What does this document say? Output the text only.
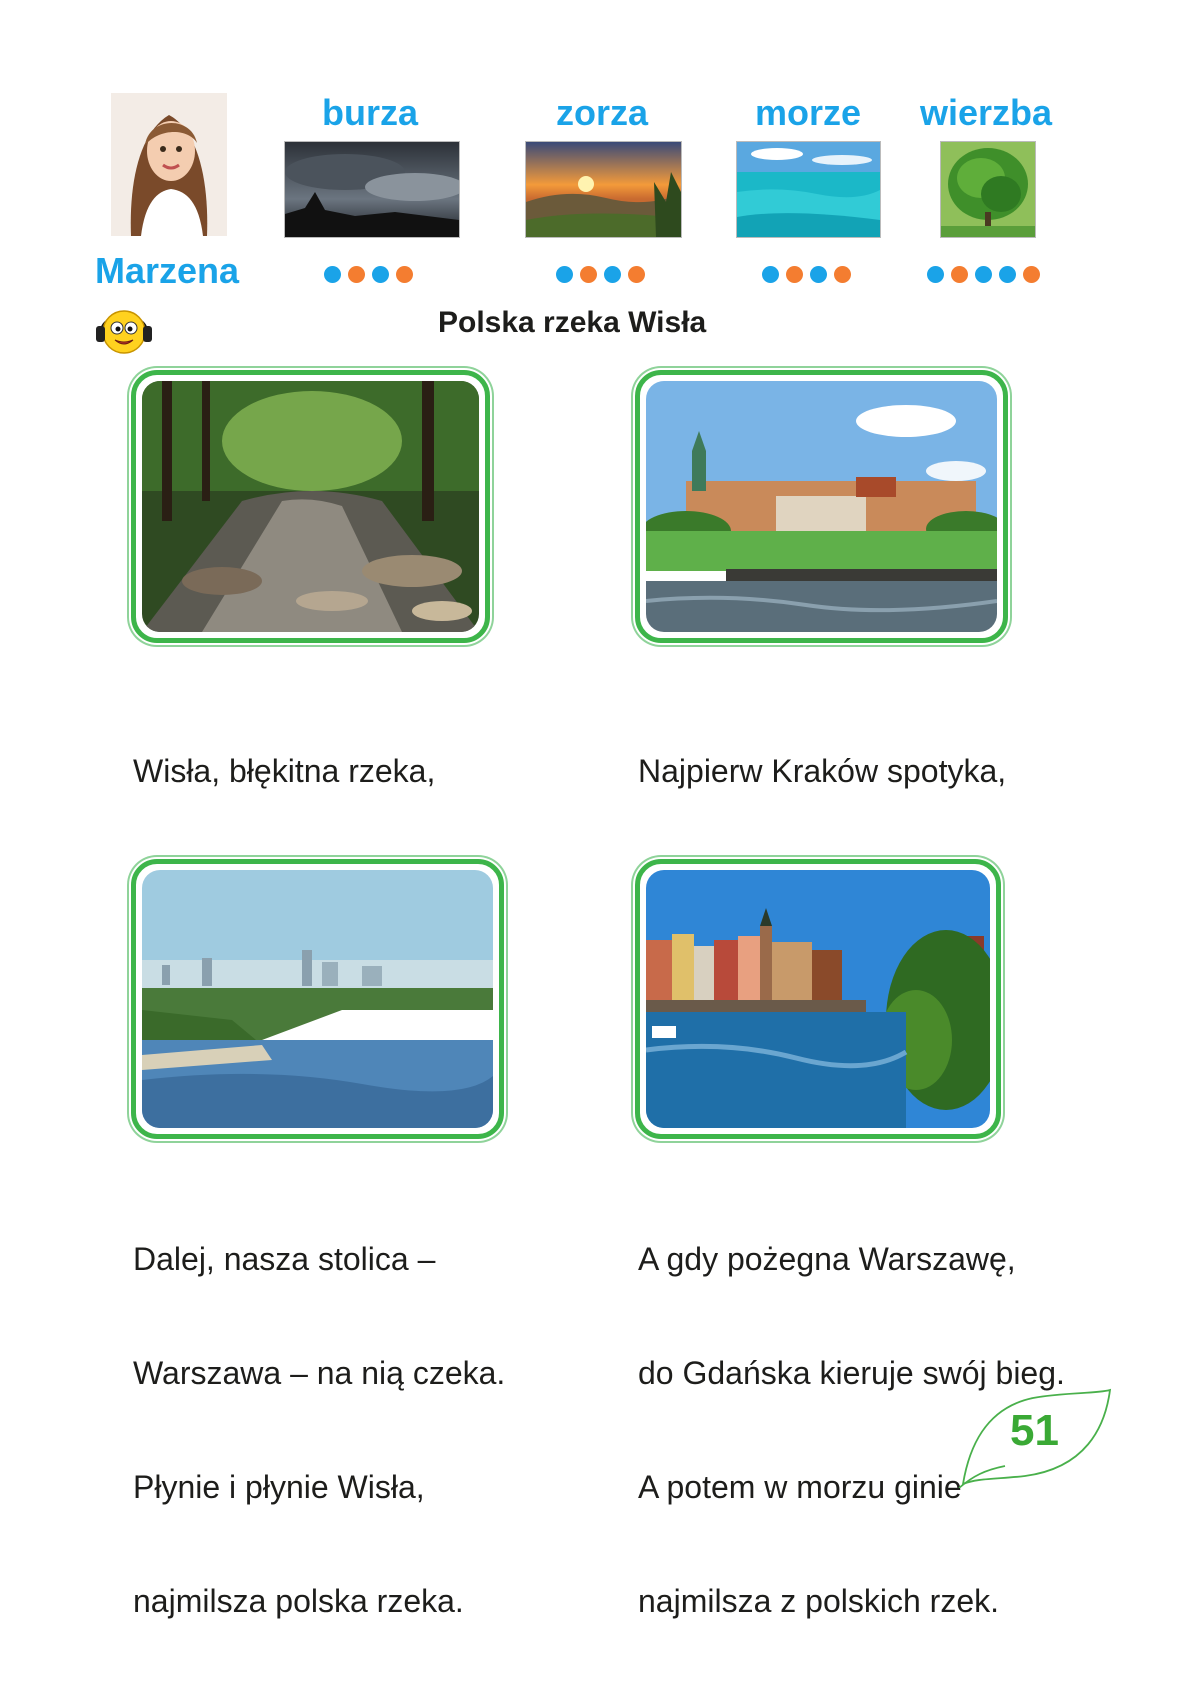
Marzena
burza	zorza	morze	wierzba
Polska rzeka Wisła

Wisła, błękitna rzeka,

	Najpierw Kraków spotyka,

Dalej, nasza stolica –

Warszawa – na nią czeka.

Płynie i płynie Wisła,

najmilsza polska rzeka.

A gdy pożegna Warszawę,

do Gdańska kieruje swój bieg.

A potem w morzu ginie

najmilsza z polskich rzek.

51
